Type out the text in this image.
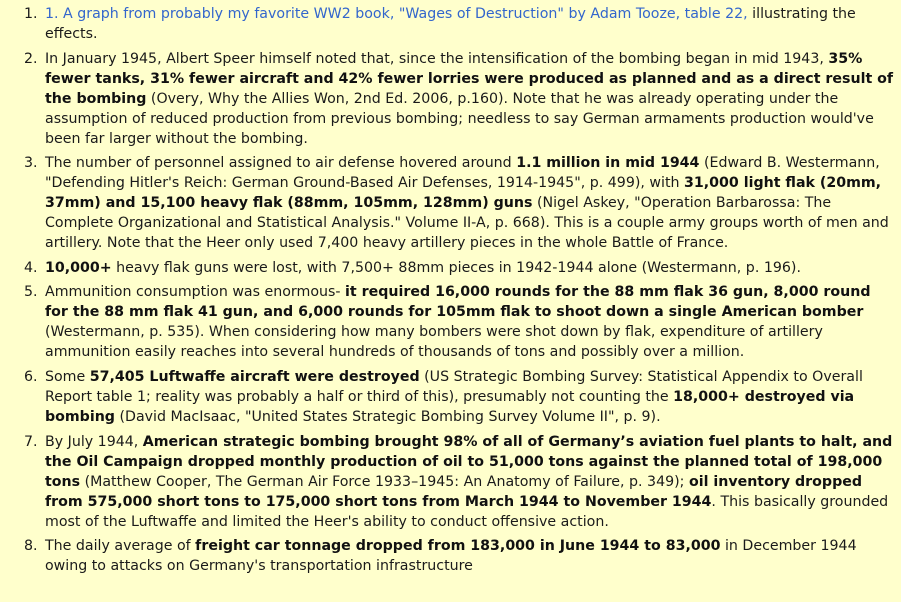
1. 1. A graph from probably my favorite WW2 book, "Wages of Destruction" by Adam Tooze, table 22, illustrating the effects.
2. In January 1945, Albert Speer himself noted that, since the intensification of the bombing began in mid 1943, 35% fewer tanks, 31% fewer aircraft and 42% fewer lorries were produced as planned and as a direct result of the bombing (Overy, Why the Allies Won, 2nd Ed. 2006, p.160). Note that he was already operating under the assumption of reduced production from previous bombing; needless to say German armaments production would've been far larger without the bombing.
3. The number of personnel assigned to air defense hovered around 1.1 million in mid 1944 (Edward B. Westermann, "Defending Hitler's Reich: German Ground-Based Air Defenses, 1914-1945", p. 499), with 31,000 light flak (20mm, 37mm) and 15,100 heavy flak (88mm, 105mm, 128mm) guns (Nigel Askey, "Operation Barbarossa: The Complete Organizational and Statistical Analysis." Volume II-A, p. 668). This is a couple army groups worth of men and artillery. Note that the Heer only used 7,400 heavy artillery pieces in the whole Battle of France.
4. 10,000+ heavy flak guns were lost, with 7,500+ 88mm pieces in 1942-1944 alone (Westermann, p. 196).
5. Ammunition consumption was enormous- it required 16,000 rounds for the 88 mm flak 36 gun, 8,000 round for the 88 mm flak 41 gun, and 6,000 rounds for 105mm flak to shoot down a single American bomber (Westermann, p. 535). When considering how many bombers were shot down by flak, expenditure of artillery ammunition easily reaches into several hundreds of thousands of tons and possibly over a million.
6. Some 57,405 Luftwaffe aircraft were destroyed (US Strategic Bombing Survey: Statistical Appendix to Overall Report table 1; reality was probably a half or third of this), presumably not counting the 18,000+ destroyed via bombing (David MacIsaac, "United States Strategic Bombing Survey Volume II", p. 9).
7. By July 1944, American strategic bombing brought 98% of all of Germany’s aviation fuel plants to halt, and the Oil Campaign dropped monthly production of oil to 51,000 tons against the planned total of 198,000 tons (Matthew Cooper, The German Air Force 1933–1945: An Anatomy of Failure, p. 349); oil inventory dropped from 575,000 short tons to 175,000 short tons from March 1944 to November 1944. This basically grounded most of the Luftwaffe and limited the Heer's ability to conduct offensive action.
8. The daily average of freight car tonnage dropped from 183,000 in June 1944 to 83,000 in December 1944 owing to attacks on Germany's transportation infrastructure
